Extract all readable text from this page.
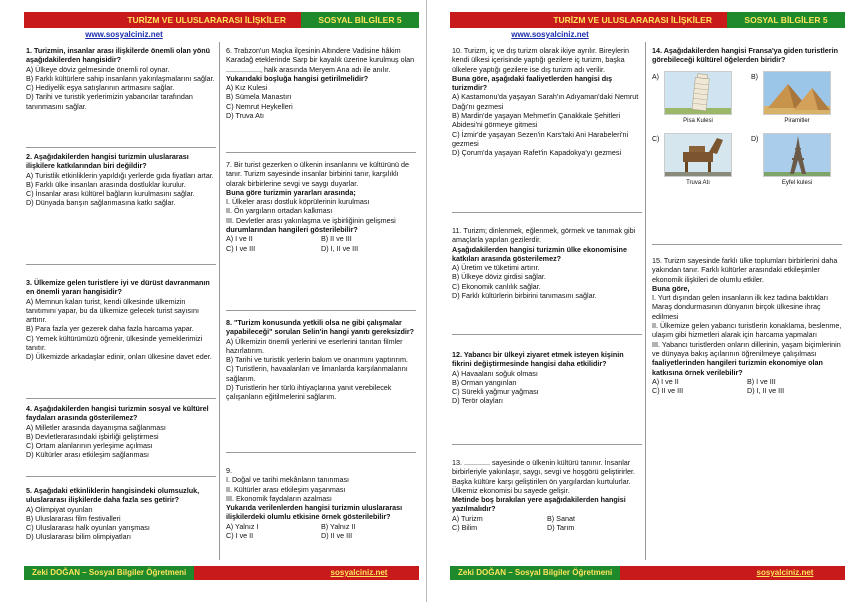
TURİZM VE ULUSLARARASI İLİŞKİLER	SOSYAL BİLGİLER 5
www.sosyalciniz.net

1. Turizmin, insanlar arası ilişkilerde önemli olan yönü aşağıdakilerden hangisidir?

A) Ülkeye döviz gelmesinde önemli rol oynar.

B) Farklı kültürlere sahip insanların yakınlaşmalarını sağlar.

C) Hediyelik eşya satışlarının artmasını sağlar.

D) Tarihi ve turistik yerlerimizin yabancılar tarafından tanınmasını sağlar.

2. Aşağıdakilerden hangisi turizmin uluslararası ilişkilere katkılarından biri değildir?

A) Turistlik etkinliklerin yapıldığı yerlerde gıda fiyatları artar.

B) Farklı ülke insanları arasında dostluklar kurulur.

C) İnsanlar arası kültürel bağların kurulmasını sağlar.

D) Dünyada barışın sağlanmasına katkı sağlar.

3. Ülkemize gelen turistlere iyi ve dürüst davranmanın en önemli yararı hangisidir?

A) Memnun kalan turist, kendi ülkesinde ülkemizin tanıtımını yapar, bu da ülkemize gelecek turist sayısını arttırır.

B) Para fazla yer gezerek daha fazla harcama yapar.

C) Yemek kültürümüzü öğrenir, ülkesinde yemeklerimizi tanıtır.

D) Ülkemizde arkadaşlar edinir, onları ülkesine davet eder.

4. Aşağıdakilerden hangisi turizmin sosyal ve kültürel faydaları arasında gösterilemez?

A) Milletler arasında dayanışma sağlanması

B) Devletlerarasındaki işbirliği geliştirmesi

C) Ortam alanlarının yerleşime açılması

D) Kültürler arası etkileşim sağlanması

5. Aşağıdaki etkinliklerin hangisindeki olumsuzluk, uluslararası ilişkilerde daha fazla ses getirir?

A) Olimpiyat oyunları

B) Uluslararası film festivalleri

C) Uluslararası halk oyunları yarışması

D) Uluslararası bilim olimpiyatları

6. Trabzon'un Maçka ilçesinin Altındere Vadisine hâkim Karadağ eteklerinde Sarp bir kayalık üzerine kurulmuş olan ................., halk arasında Meryem Ana adı ile anılır.

Yukarıdaki boşluğa hangisi getirilmelidir?

A) Kız Kulesi

B) Sümela Manastırı

C) Nemrut Heykelleri

D) Truva Atı

7. Bir turist gezerken o ülkenin insanlarını ve kültürünü de tanır. Turizm sayesinde insanlar birbirini tanır, karşılıklı olarak birbirlerine sevgi ve saygı duyarlar.

Buna göre turizmin yararları arasında;

I. Ülkeler arası dostluk köprülerinin kurulması

II. Ön yargıların ortadan kalkması

III. Devletler arası yakınlaşma ve işbirliğinin gelişmesi

durumlarından hangileri gösterilebilir?

A) I ve II	B) II ve III
C) I ve III	D) I, II ve III

8. "Turizm konusunda yetkili olsa ne gibi çalışmalar yapabileceği" sorulan Selin'in hangi yanıtı gereksizdir?

A) Ülkemizin önemli yerlerini ve eserlerini tanıtan filmler hazırlatırım.

B) Tarihi ve turistik yerlerin bakım ve onarımını yaptırırım.

C) Turistlerin, havaalanları ve limanlarda karşılanmalarını sağlarım.

D) Turistlerin her türlü ihtiyaçlarına yanıt verebilecek çalışanların eğitilmelerini sağlarım.

9.

I. Doğal ve tarihi mekânların tanınması

II. Kültürler arası etkileşim yaşanması

III. Ekonomik faydaların azalması

Yukarıda verilenlerden hangisi turizmin uluslararası ilişkilerdeki olumlu etkisine örnek gösterilebilir?

A) Yalnız I	B) Yalnız II
C) I ve II	D) II ve III
Zeki DOĞAN – Sosyal Bilgiler Öğretmeni	sosyalciniz.net
TURİZM VE ULUSLARARASI İLİŞKİLER	SOSYAL BİLGİLER 5
www.sosyalciniz.net

10. Turizm, iç ve dış turizm olarak ikiye ayrılır. Bireylerin kendi ülkesi içerisinde yaptığı gezilere iç turizm, başka ülkelere yaptığı gezilere ise dış turizm adı verilir.

Buna göre, aşağıdaki faaliyetlerden hangisi dış turizmdir?

A) Kastamonu'da yaşayan Sarah'ın Adıyaman'daki Nemrut Dağı'nı gezmesi

B) Mardin'de yaşayan Mehmet'in Çanakkale Şehitleri Abidesi'ni görmeye gitmesi

C) İzmir'de yaşayan Sezen'in Kars'taki Ani Harabeleri'ni gezmesi

D) Çorum'da yaşayan Rafet'in Kapadokya'yı gezmesi

11. Turizm; dinlenmek, eğlenmek, görmek ve tanımak gibi amaçlarla yapılan gezilerdir.

Aşağıdakilerden hangisi turizmin ülke ekonomisine katkıları arasında gösterilemez?

A) Üretim ve tüketimi artırır.

B) Ülkeye döviz girdisi sağlar.

C) Ekonomik canlılık sağlar.

D) Farklı kültürlerin birbirini tanımasını sağlar.

12. Yabancı bir ülkeyi ziyaret etmek isteyen kişinin fikrini değiştirmesinde hangisi daha etkilidir?

A) Havaalanı soğuk olması

B) Orman yangınları

C) Sürekli yağmur yağması

D) Terör olayları

13. ............. sayesinde o ülkenin kültürü tanınır. İnsanlar birbirleriyle yakınlaşır, saygı, sevgi ve hoşgörü geliştirirler. Başka kültüre karşı geliştirilen ön yargılardan kurtulurlar. Ülkemiz ekonomisi bu sayede gelişir.

Metinde boş bırakılan yere aşağıdakilerden hangisi yazılmalıdır?

A) Turizm	B) Sanat
C) Bilim	D) Tarım

14. Aşağıdakilerden hangisi Fransa'ya giden turistlerin görebileceği kültürel öğelerden biridir?

A)
Pisa Kulesi
B)
Piramitler
C)
Truva Atı
D)
Eyfel kulesi

15. Turizm sayesinde farklı ülke toplumları birbirlerini daha yakından tanır. Farklı kültürler arasındaki etkileşimler ekonomik ilişkileri de olumlu etkiler.

Buna göre,

I. Yurt dışından gelen insanların ilk kez tadına baktıkları Maraş dondurmasının dünyanın birçok ülkesine ihraç edilmesi

II. Ülkemize gelen yabancı turistlerin konaklama, beslenme, ulaşım gibi hizmetleri alarak için harcama yapmaları

III. Yabancı turistlerden onların dillerinin, yaşam biçimlerinin ve dünyaya bakış açılarının öğrenilmeye çalışılması

faaliyetlerinden hangileri turizmin ekonomiye olan katkısına örnek verilebilir?

A) I ve II	B) I ve III
C) II ve III	D) I, II ve III
Zeki DOĞAN – Sosyal Bilgiler Öğretmeni	sosyalciniz.net
